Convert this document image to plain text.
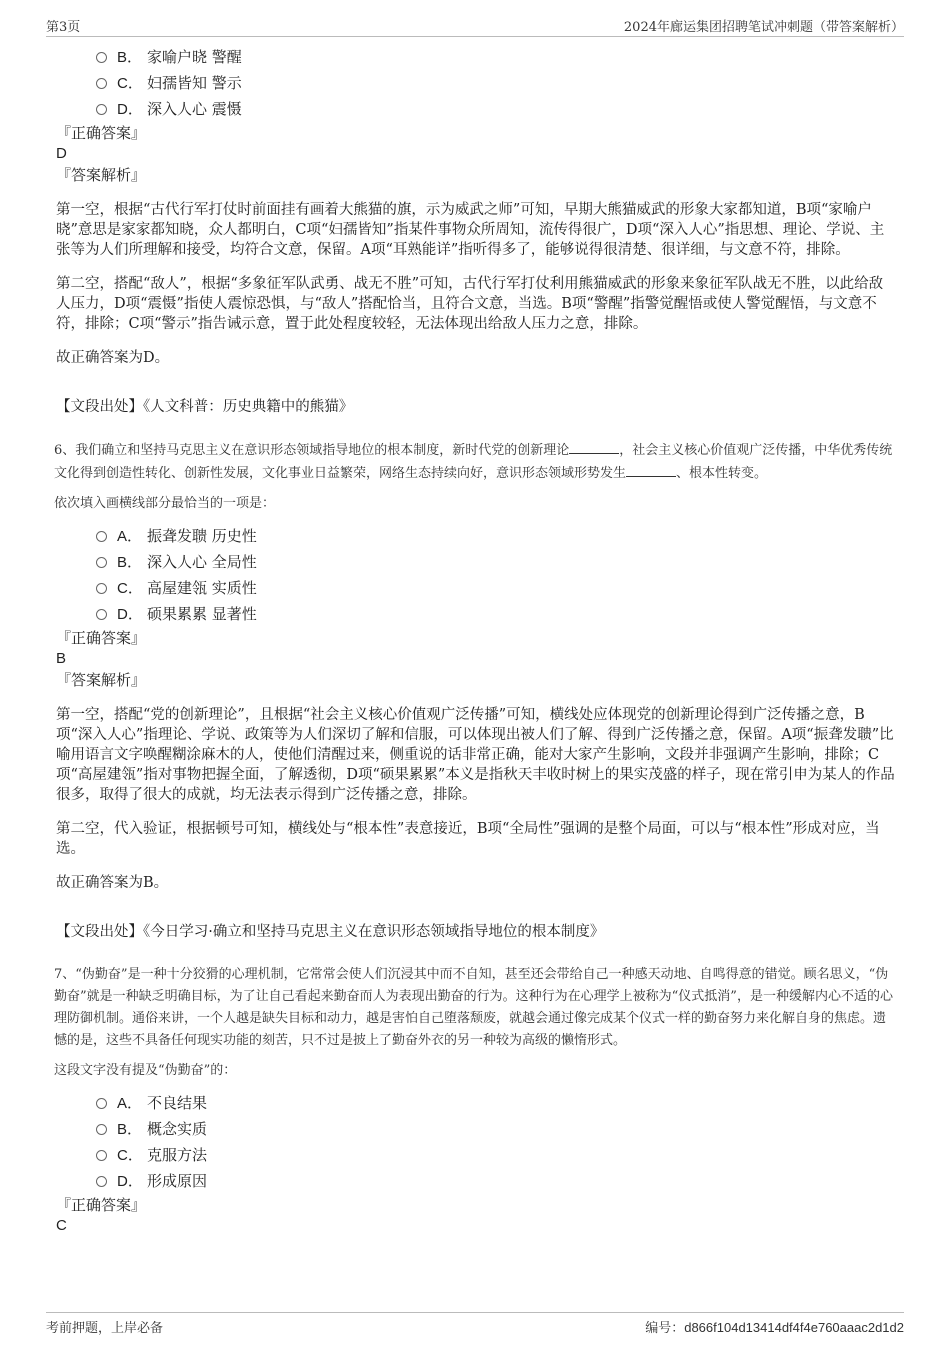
第3页	2024年廊运集团招聘笔试冲刺题（带答案解析）
B． 家喻户晓 警醒
C． 妇孺皆知 警示
D． 深入人心 震慑
『正确答案』
D
『答案解析』

第一空，根据“古代行军打仗时前面挂有画着大熊猫的旗，示为威武之师”可知，早期大熊猫威武的形象大家都知道，B项“家喻户晓”意思是家家都知晓，众人都明白，C项“妇孺皆知”指某件事物众所周知，流传得很广，D项“深入人心”指思想、理论、学说、主张等为人们所理解和接受，均符合文意，保留。A项“耳熟能详”指听得多了，能够说得很清楚、很详细，与文意不符，排除。

第二空，搭配“敌人”，根据“多象征军队武勇、战无不胜”可知，古代行军打仗利用熊猫威武的形象来象征军队战无不胜，以此给敌人压力，D项“震慑”指使人震惊恐惧，与“敌人”搭配恰当，且符合文意，当选。B项“警醒”指警觉醒悟或使人警觉醒悟，与文意不符，排除；C项“警示”指告诫示意，置于此处程度较轻，无法体现出给敌人压力之意，排除。

故正确答案为D。

【文段出处】《人文科普：历史典籍中的熊猫》

6、我们确立和坚持马克思主义在意识形态领域指导地位的根本制度，新时代党的创新理论	，社会主义核心价值观广泛传播，中华优秀传统文化得到创造性转化、创新性发展，文化事业日益繁荣，网络生态持续向好，意识形态领域形势发生	、根本性转变。

依次填入画横线部分最恰当的一项是：

A． 振聋发聩 历史性
B． 深入人心 全局性
C． 高屋建瓴 实质性
D． 硕果累累 显著性
『正确答案』
B
『答案解析』

第一空，搭配“党的创新理论”，且根据“社会主义核心价值观广泛传播”可知，横线处应体现党的创新理论得到广泛传播之意，B项“深入人心”指理论、学说、政策等为人们深切了解和信服，可以体现出被人们了解、得到广泛传播之意，保留。A项“振聋发聩”比喻用语言文字唤醒糊涂麻木的人，使他们清醒过来，侧重说的话非常正确，能对大家产生影响，文段并非强调产生影响，排除；C项“高屋建瓴”指对事物把握全面，了解透彻，D项“硕果累累”本义是指秋天丰收时树上的果实茂盛的样子，现在常引申为某人的作品很多，取得了很大的成就，均无法表示得到广泛传播之意，排除。

第二空，代入验证，根据顿号可知，横线处与“根本性”表意接近，B项“全局性”强调的是整个局面，可以与“根本性”形成对应，当选。

故正确答案为B。

【文段出处】《今日学习·确立和坚持马克思主义在意识形态领域指导地位的根本制度》

7、“伪勤奋”是一种十分狡猾的心理机制，它常常会使人们沉浸其中而不自知，甚至还会带给自己一种感天动地、自鸣得意的错觉。顾名思义，“伪勤奋”就是一种缺乏明确目标，为了让自己看起来勤奋而人为表现出勤奋的行为。这种行为在心理学上被称为“仪式抵消”，是一种缓解内心不适的心理防御机制。通俗来讲，一个人越是缺失目标和动力，越是害怕自己堕落颓废，就越会通过像完成某个仪式一样的勤奋努力来化解自身的焦虑。遗憾的是，这些不具备任何现实功能的刻苦，只不过是披上了勤奋外衣的另一种较为高级的懒惰形式。

这段文字没有提及“伪勤奋”的：

A． 不良结果
B． 概念实质
C． 克服方法
D． 形成原因
『正确答案』
C
考前押题，上岸必备	编号：d866f104d13414df4f4e760aaac2d1d2
